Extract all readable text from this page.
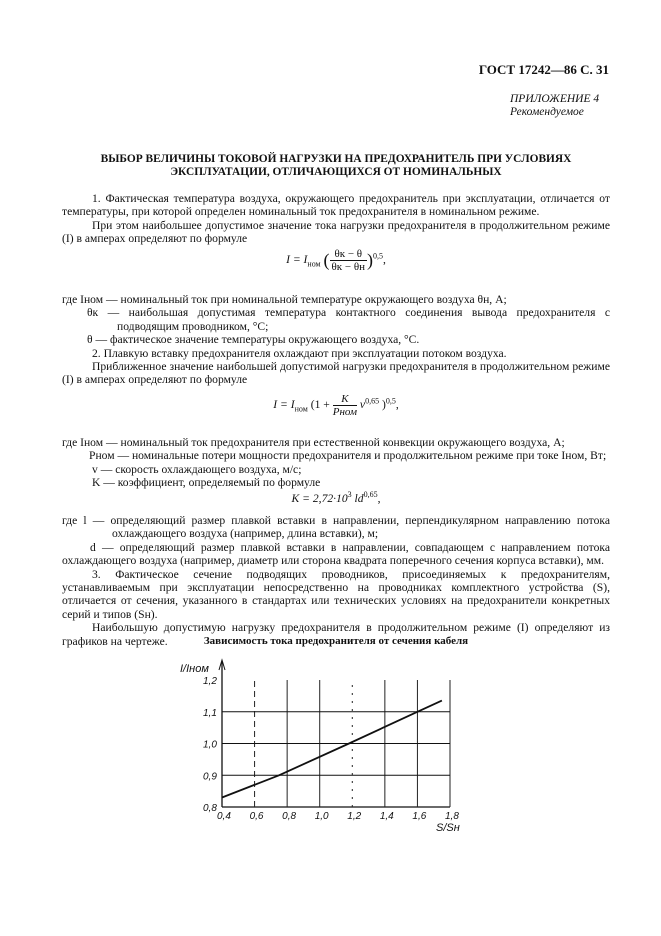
ГОСТ 17242—86 С. 31
ПРИЛОЖЕНИЕ 4
Рекомендуемое
ВЫБОР ВЕЛИЧИНЫ ТОКОВОЙ НАГРУЗКИ НА ПРЕДОХРАНИТЕЛЬ ПРИ УСЛОВИЯХ
ЭКСПЛУАТАЦИИ, ОТЛИЧАЮЩИХСЯ ОТ НОМИНАЛЬНЫХ

1. Фактическая температура воздуха, окружающего предохранитель при эксплуатации, отличается от температуры, при которой определен номинальный ток предохранителя в номинальном режиме.

При этом наибольшее допустимое значение тока нагрузки предохранителя в продолжительном режиме (I) в амперах определяют по формуле

$I = I_{ном}$ ( $\frac{\theta к - \theta}{\theta к - \theta н} )^{0,5}$,

где Iном — номинальный ток при номинальной температуре окружающего воздуха θн, А;

θк — наибольшая допустимая температура контактного соединения вывода предохранителя с подводящим проводником, °С;

θ — фактическое значение температуры окружающего воздуха, °С.

2. Плавкую вставку предохранителя охлаждают при эксплуатации потоком воздуха.

Приближенное значение наибольшей допустимой нагрузки предохранителя в продолжительном режиме (I) в амперах определяют по формуле

$I = I_{ном}$ ($1 + \frac{K}{\text{Pном}} v^{0,65}$ )$^{0,5}$,

где Iном — номинальный ток предохранителя при естественной конвекции окружающего воздуха, А;

Pном — номинальные потери мощности предохранителя и продолжительном режиме при токе Iном, Вт;

v — скорость охлаждающего воздуха, м/с;

K — коэффициент, определяемый по формуле

$K = 2,72\cdot 10^3$ ld$^{0,65}$,

где l — определяющий размер плавкой вставки в направлении, перпендикулярном направлению потока охлаждающего воздуха (например, длина вставки), м;

d — определяющий размер плавкой вставки в направлении, совпадающем с направлением потока охлаждающего воздуха (например, диаметр или сторона квадрата поперечного сечения корпуса вставки), мм.

3. Фактическое сечение подводящих проводников, присоединяемых к предохранителям, устанавливаемым при эксплуатации непосредственно на проводниках комплектного устройства (S), отличается от сечения, указанного в стандартах или технических условиях на предохранители конкретных серий и типов (Sн).

Наибольшую допустимую нагрузку предохранителя в продолжительном режиме (I) определяют из графиков на чертеже.	Зависимость тока предохранителя от сечения кабеля
0,4 0,6 0,8 1,0 1,2 1,4 1,6 1,8
0,8
0,9
1,0
1,1
1,2
I/Iном
S/Sн
